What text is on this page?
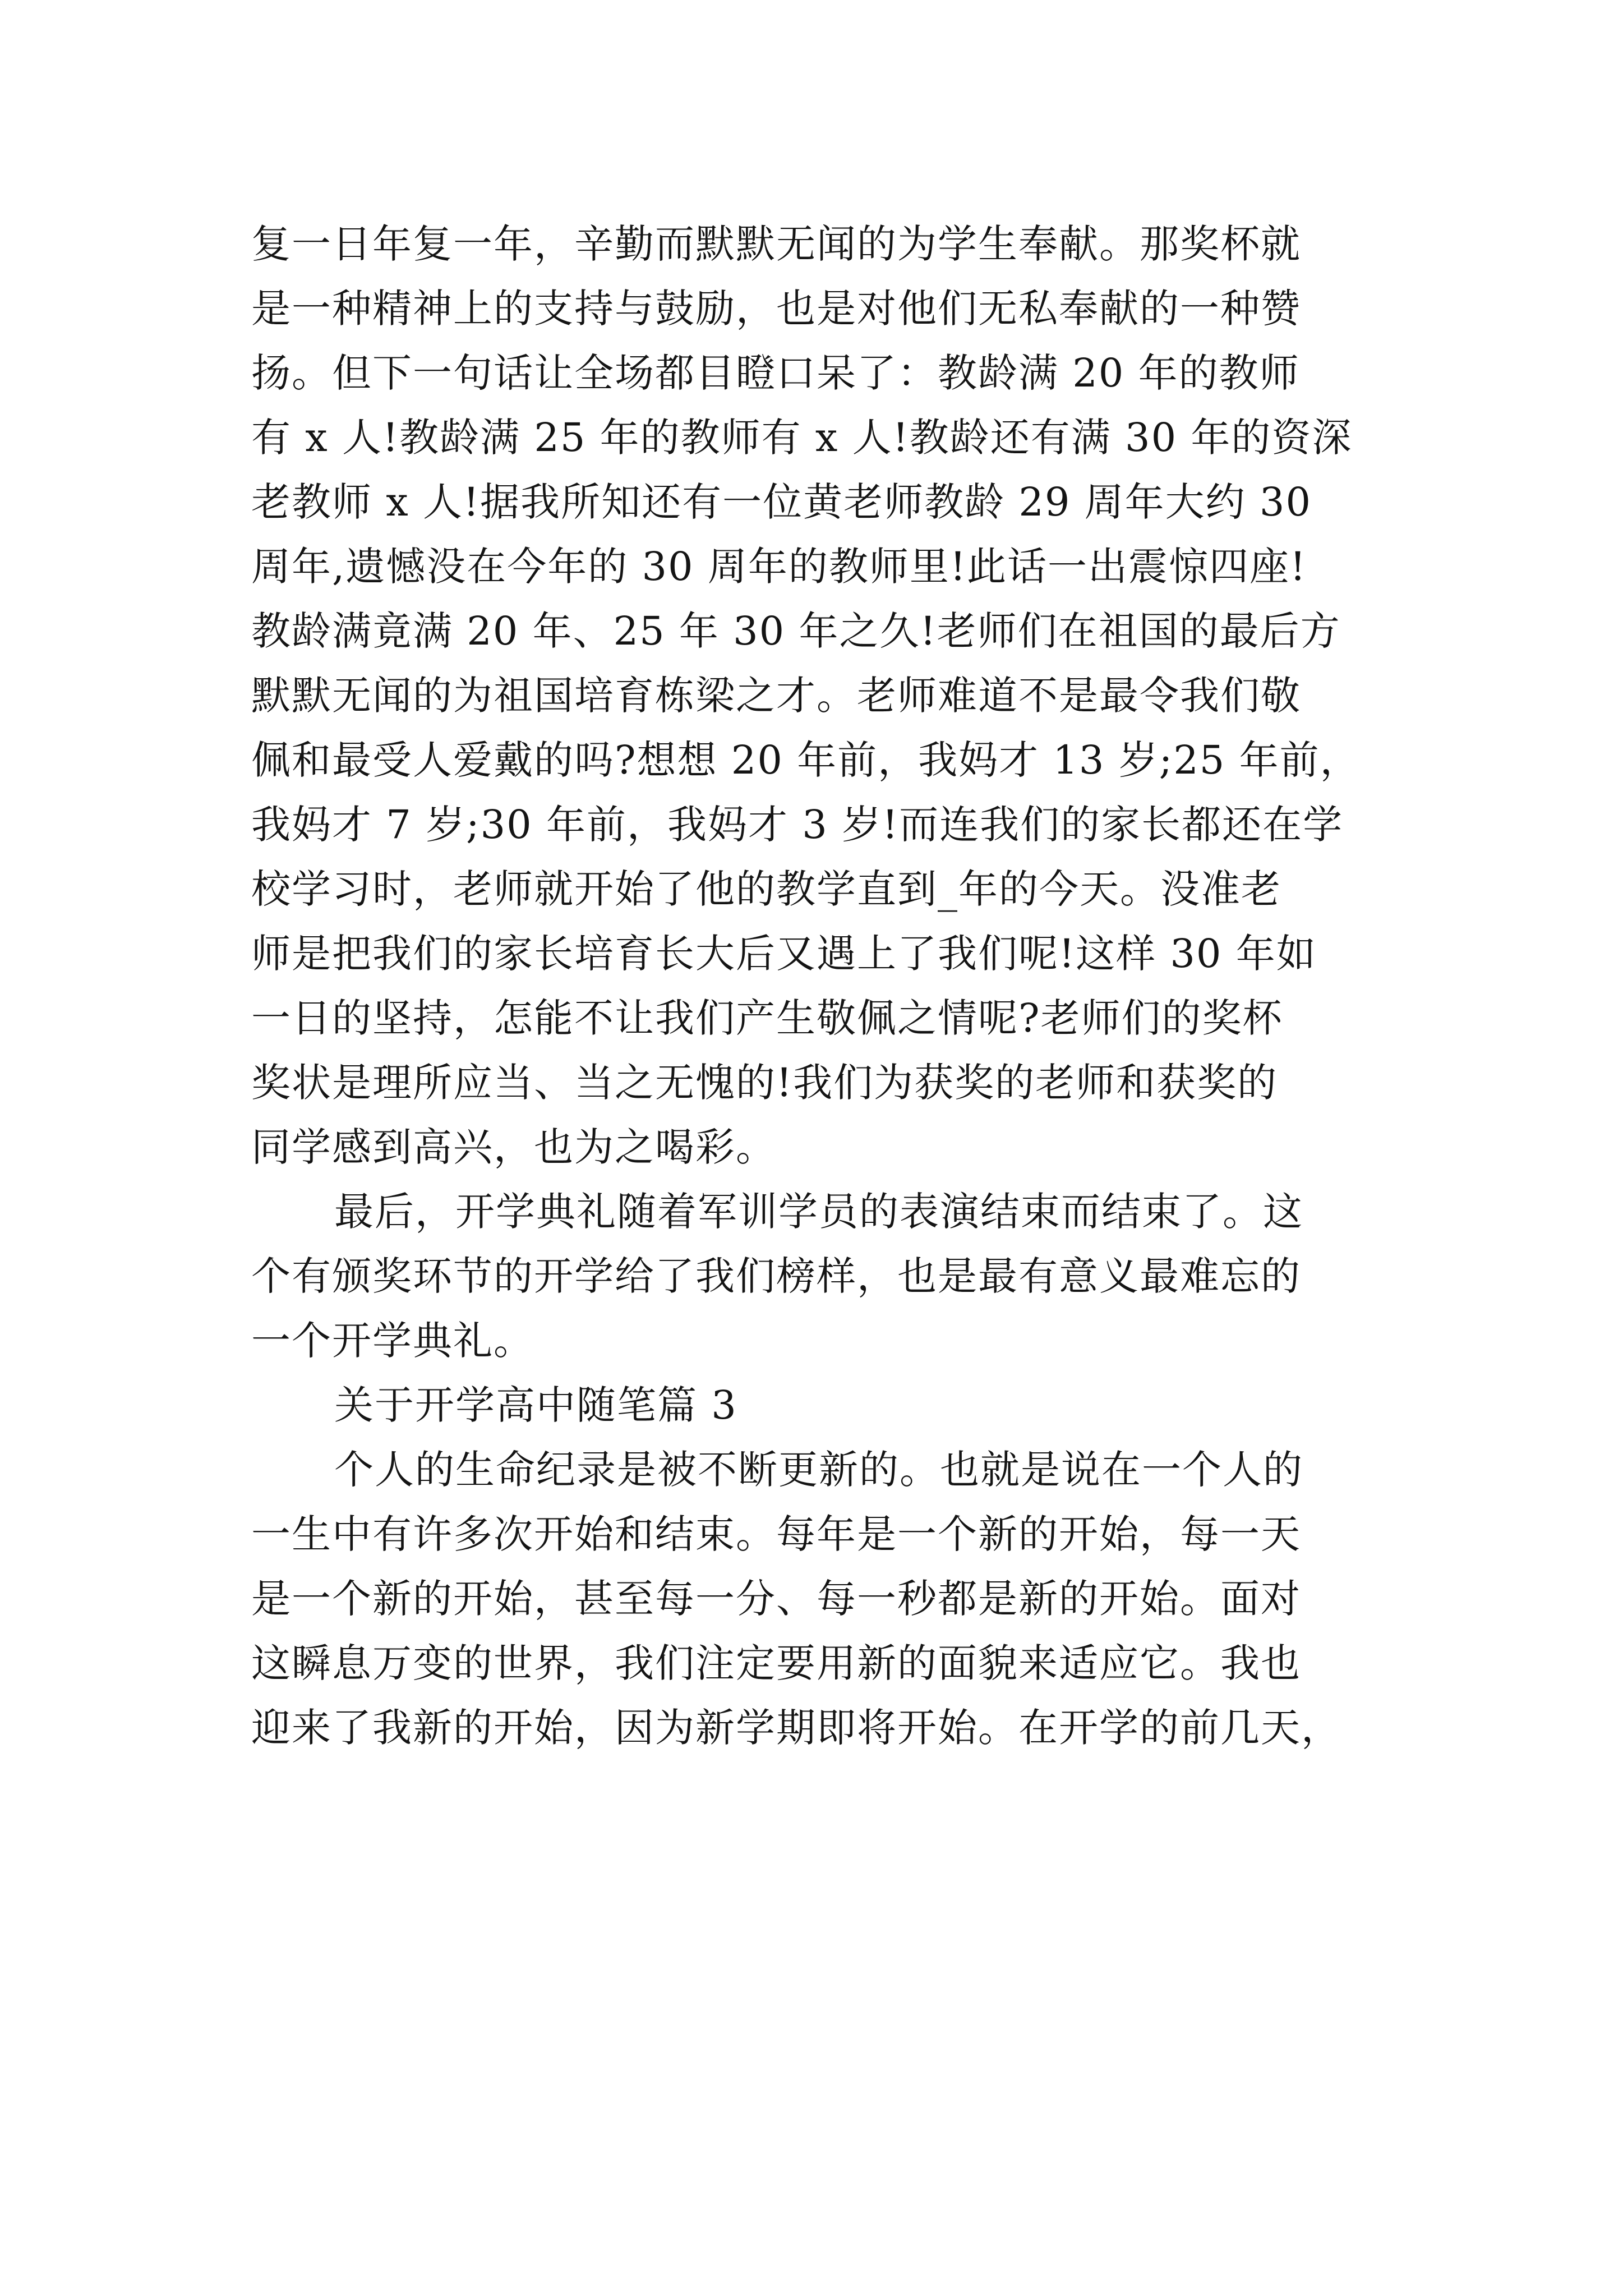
复一日年复一年，辛勤而默默无闻的为学生奉献。那奖杯就
是一种精神上的支持与鼓励，也是对他们无私奉献的一种赞
扬。但下一句话让全场都目瞪口呆了：教龄满 20 年的教师
有 x 人!教龄满 25 年的教师有 x 人!教龄还有满 30 年的资深
老教师 x 人!据我所知还有一位黄老师教龄 29 周年大约 30
周年,遗憾没在今年的 30 周年的教师里!此话一出震惊四座!
教龄满竟满 20 年、25 年 30 年之久!老师们在祖国的最后方
默默无闻的为祖国培育栋梁之才。老师难道不是最令我们敬
佩和最受人爱戴的吗?想想 20 年前，我妈才 13 岁;25 年前，
我妈才 7 岁;30 年前，我妈才 3 岁!而连我们的家长都还在学
校学习时，老师就开始了他的教学直到_年的今天。没准老
师是把我们的家长培育长大后又遇上了我们呢!这样 30 年如
一日的坚持，怎能不让我们产生敬佩之情呢?老师们的奖杯
奖状是理所应当、当之无愧的!我们为获奖的老师和获奖的
同学感到高兴，也为之喝彩。
最后，开学典礼随着军训学员的表演结束而结束了。这
个有颁奖环节的开学给了我们榜样，也是最有意义最难忘的
一个开学典礼。
关于开学高中随笔篇 3
个人的生命纪录是被不断更新的。也就是说在一个人的
一生中有许多次开始和结束。每年是一个新的开始，每一天
是一个新的开始，甚至每一分、每一秒都是新的开始。面对
这瞬息万变的世界，我们注定要用新的面貌来适应它。我也
迎来了我新的开始，因为新学期即将开始。在开学的前几天，
